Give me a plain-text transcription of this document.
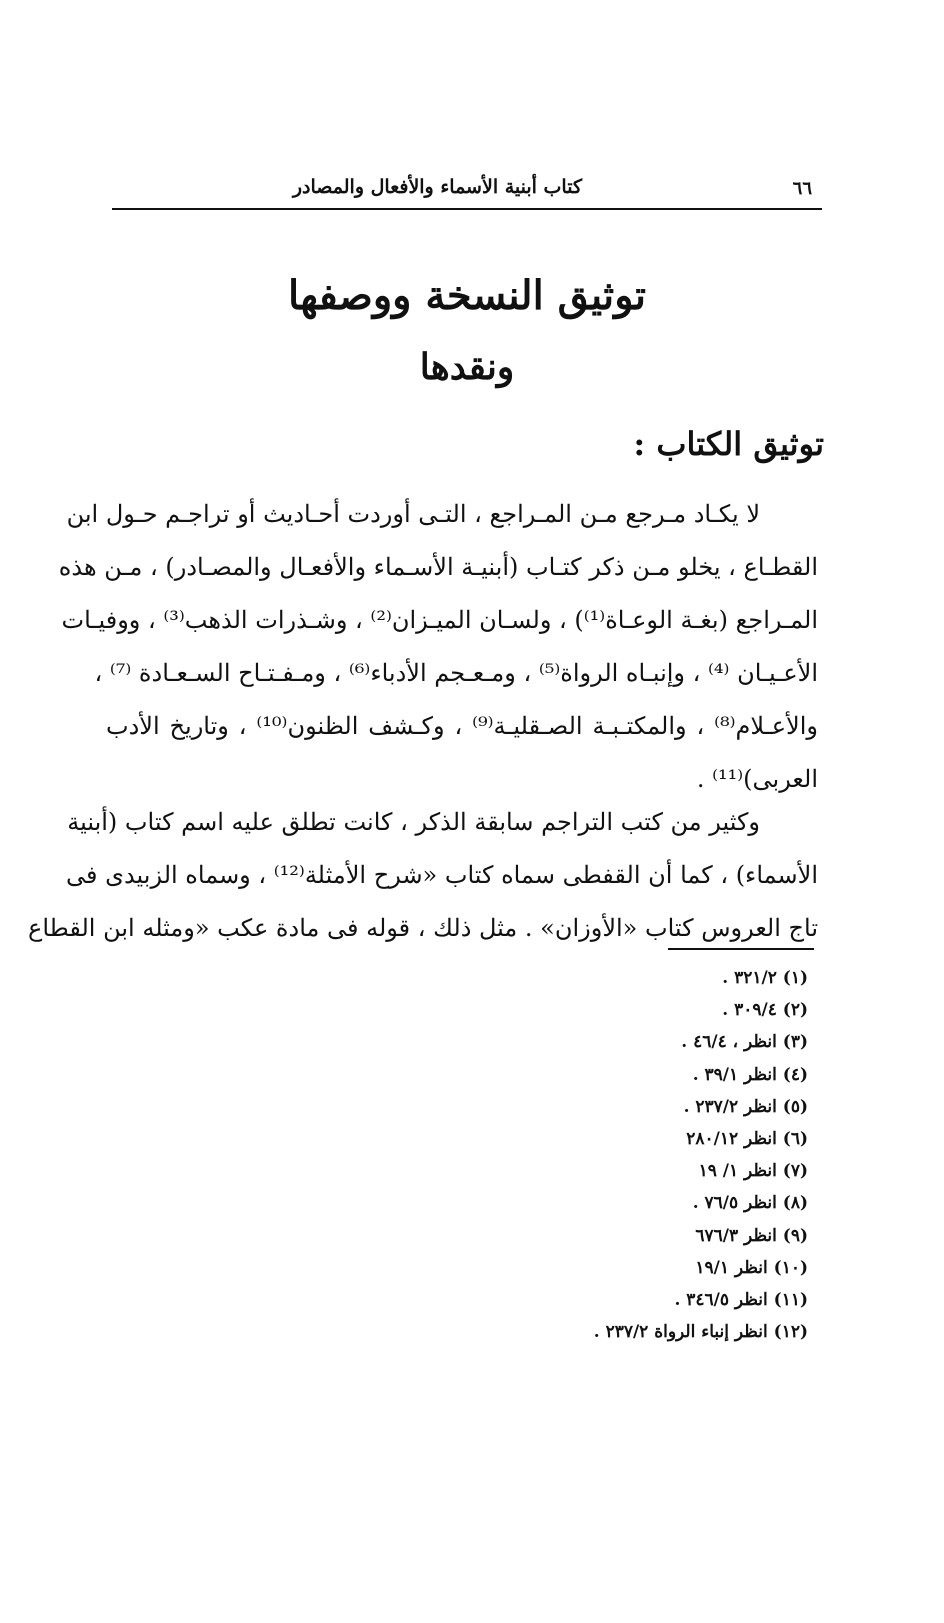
٦٦
كتاب أبنية الأسماء والأفعال والمصادر
توثيق النسخة ووصفها
ونقدها
توثيق الكتاب :
لا يكـاد مـرجع مـن المـراجع ، التـى أوردت أحـاديث أو تراجـم حـول ابن
القطـاع ، يخلو مـن ذكر كتـاب (أبنيـة الأسـماء والأفعـال والمصـادر) ، مـن هذه
المـراجع (بغـة الوعـاة⁽¹⁾) ، ولسـان الميـزان⁽²⁾ ، وشـذرات الذهب⁽³⁾ ، ووفيـات
الأعـيـان ⁽⁴⁾ ، وإنبـاه الرواة⁽⁵⁾ ، ومـعـجم الأدباء⁽⁶⁾ ، ومـفـتـاح السـعـادة ⁽⁷⁾ ،
والأعـلام⁽⁸⁾ ، والمكتـبـة الصـقليـة⁽⁹⁾ ، وكـشف الظنون⁽¹⁰⁾ ، وتاريخ الأدب
العربى)⁽¹¹⁾ .
وكثير من كتب التراجم سابقة الذكر ، كانت تطلق عليه اسم كتاب (أبنية
الأسماء) ، كما أن القفطى سماه كتاب «شرح الأمثلة⁽¹²⁾ ، وسماه الزبيدى فى
تاج العروس كتاب «الأوزان» . مثل ذلك ، قوله فى مادة عكب «ومثله ابن القطاع
(١) ٣٢١/٢ .
(٢) ٣٠٩/٤ .
(٣) انظر ، ٤٦/٤ .
(٤) انظر ٣٩/١ .
(٥) انظر ٢٣٧/٢ .
(٦) انظر ٢٨٠/١٢
(٧) انظر ١/ ١٩
(٨) انظر ٧٦/٥ .
(٩) انظر ٦٧٦/٣
(١٠) انظر ١٩/١
(١١) انظر ٣٤٦/٥ .
(١٢) انظر إنباء الرواة ٢٣٧/٢ .
